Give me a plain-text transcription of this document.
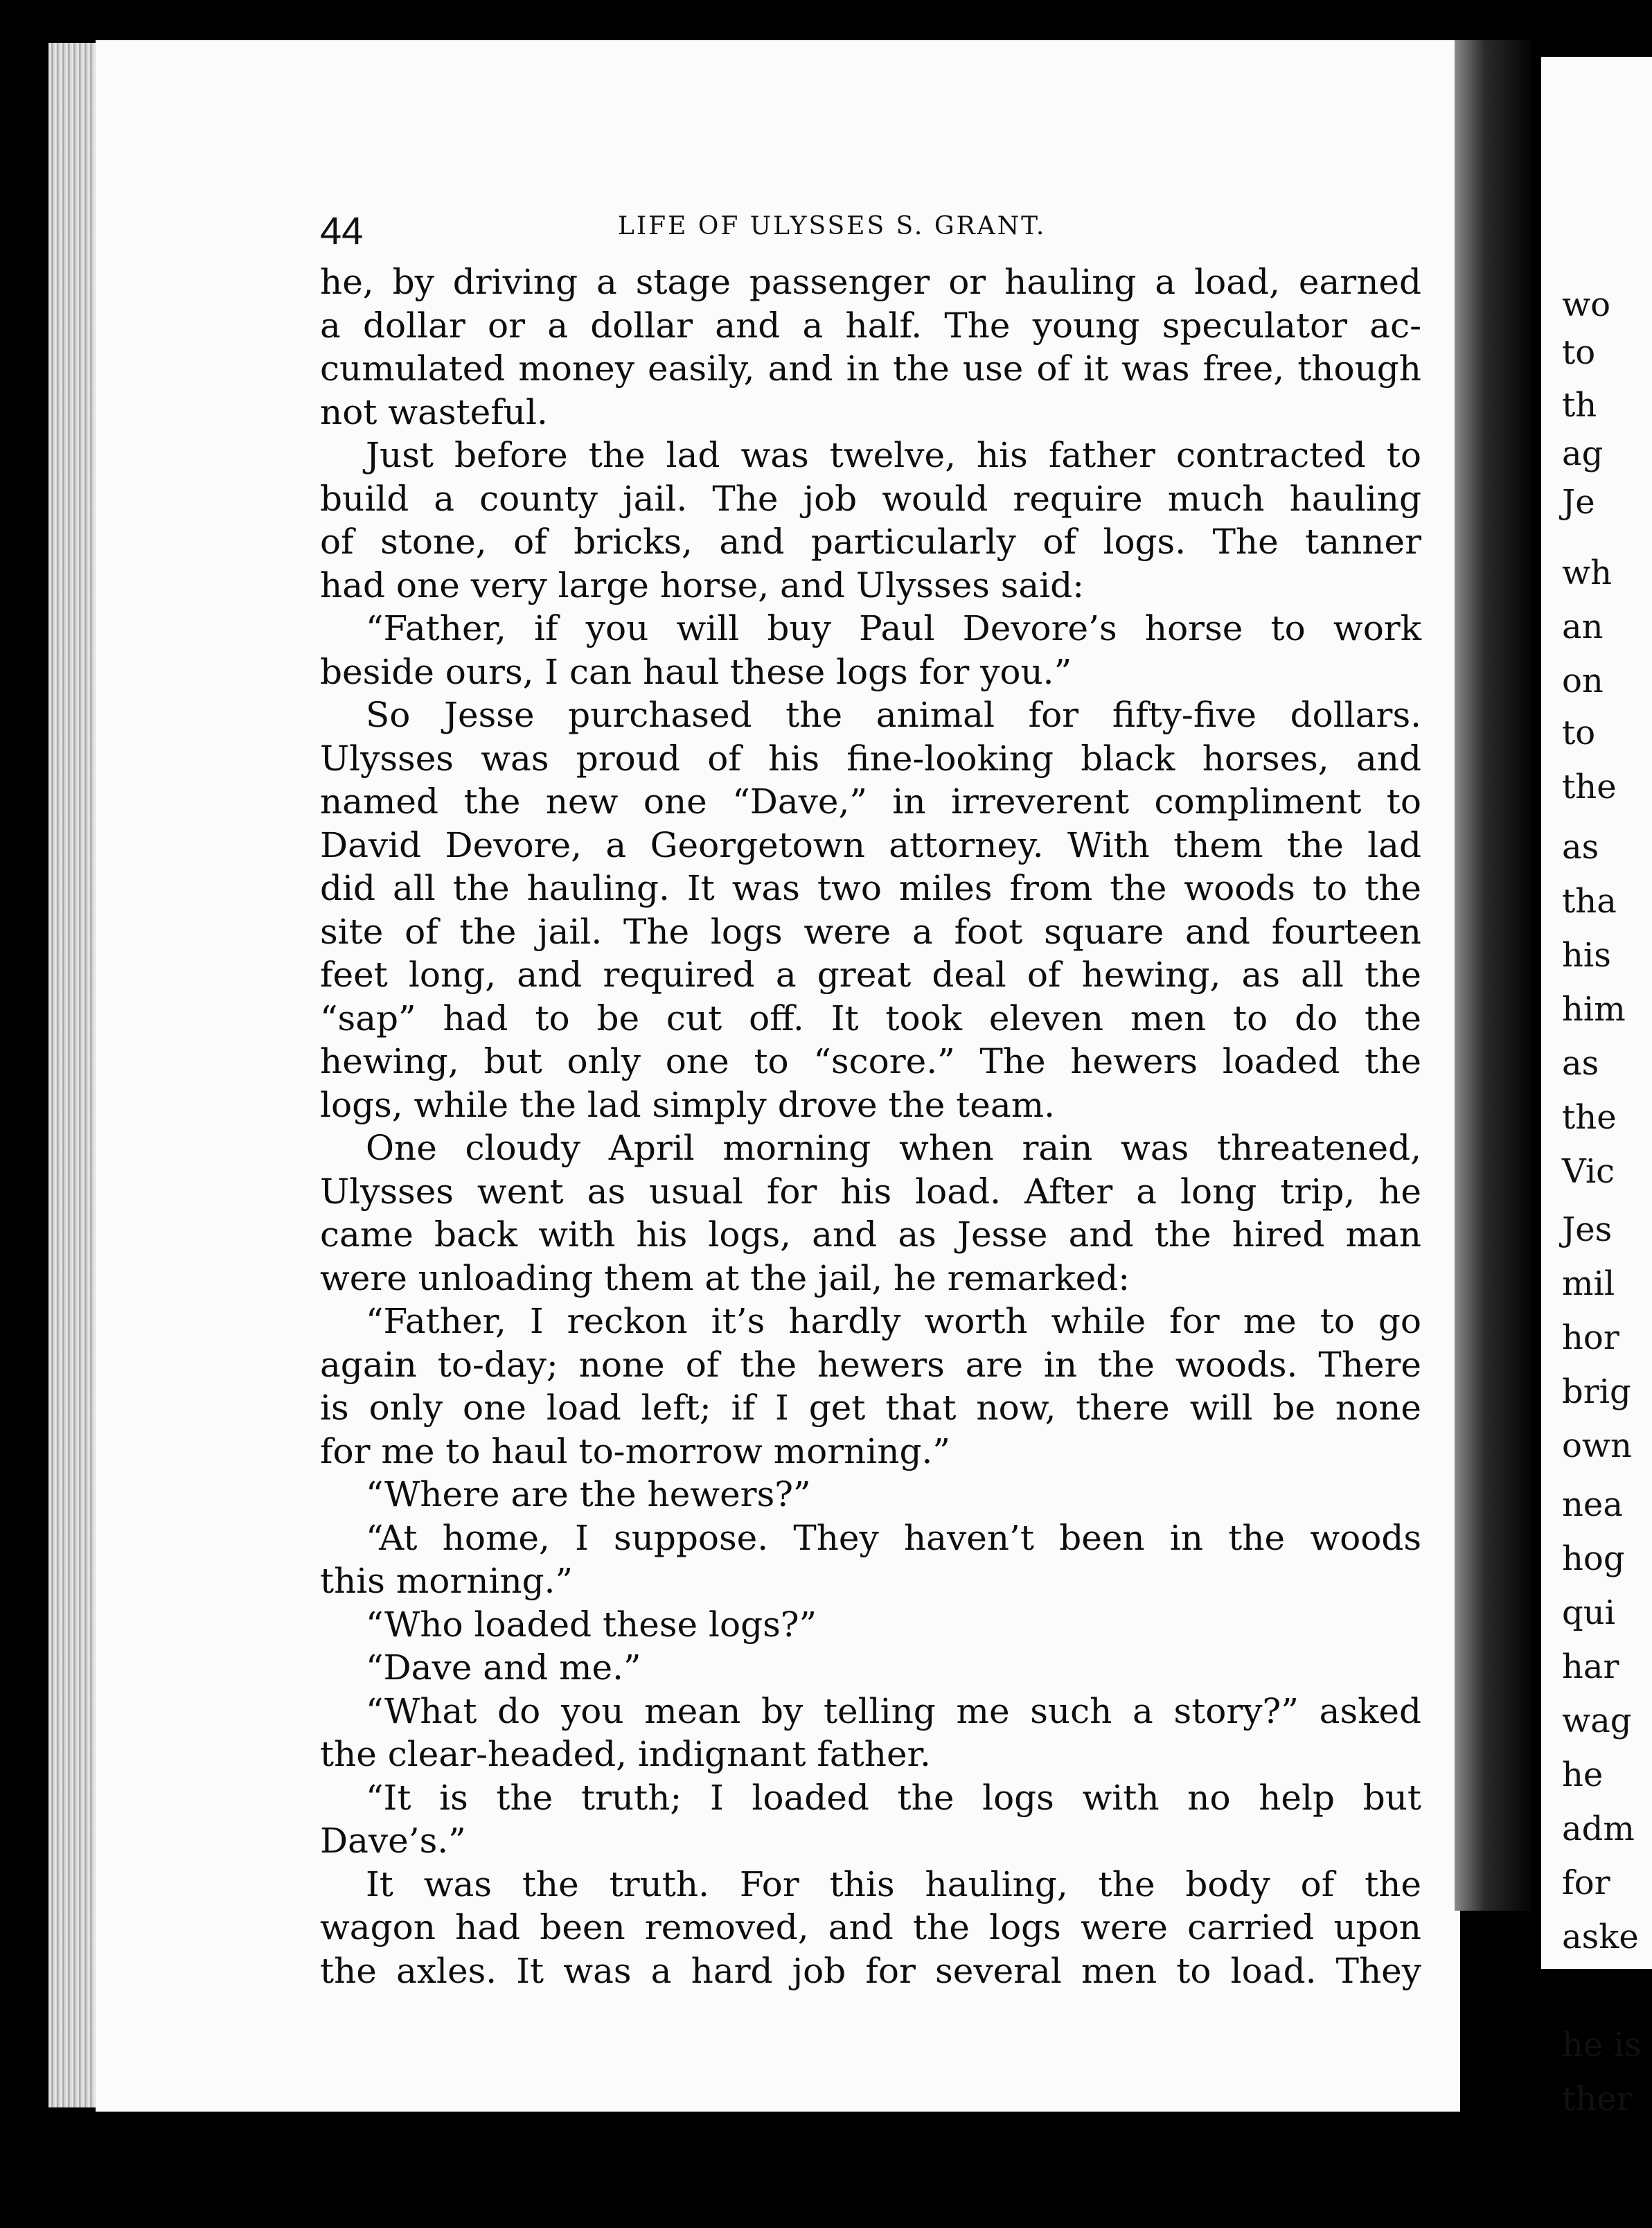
wo
to
th
ag
Je
wh
an
on
to
the
as
tha
his
him
as
the
Vic
Jes
mil
hor
brig
own
nea
hog
qui
har
wag
he
adm
for
aske
he is
ther
44	LIFE OF ULYSSES S. GRANT.
he, by driving a stage passenger or hauling a load, earned
a dollar or a dollar and a half. The young speculator ac-
cumulated money easily, and in the use of it was free, though
not wasteful.
Just before the lad was twelve, his father contracted to
build a county jail. The job would require much hauling
of stone, of bricks, and particularly of logs. The tanner
had one very large horse, and Ulysses said:
“Father, if you will buy Paul Devore’s horse to work
beside ours, I can haul these logs for you.”
So Jesse purchased the animal for fifty-five dollars.
Ulysses was proud of his fine-looking black horses, and
named the new one “Dave,” in irreverent compliment to
David Devore, a Georgetown attorney. With them the lad
did all the hauling. It was two miles from the woods to the
site of the jail. The logs were a foot square and fourteen
feet long, and required a great deal of hewing, as all the
“sap” had to be cut off. It took eleven men to do the
hewing, but only one to “score.” The hewers loaded the
logs, while the lad simply drove the team.
One cloudy April morning when rain was threatened,
Ulysses went as usual for his load. After a long trip, he
came back with his logs, and as Jesse and the hired man
were unloading them at the jail, he remarked:
“Father, I reckon it’s hardly worth while for me to go
again to-day; none of the hewers are in the woods. There
is only one load left; if I get that now, there will be none
for me to haul to-morrow morning.”
“Where are the hewers?”
“At home, I suppose. They haven’t been in the woods
this morning.”
“Who loaded these logs?”
“Dave and me.”
“What do you mean by telling me such a story?” asked
the clear-headed, indignant father.
“It is the truth; I loaded the logs with no help but
Dave’s.”
It was the truth. For this hauling, the body of the
wagon had been removed, and the logs were carried upon
the axles. It was a hard job for several men to load. They
